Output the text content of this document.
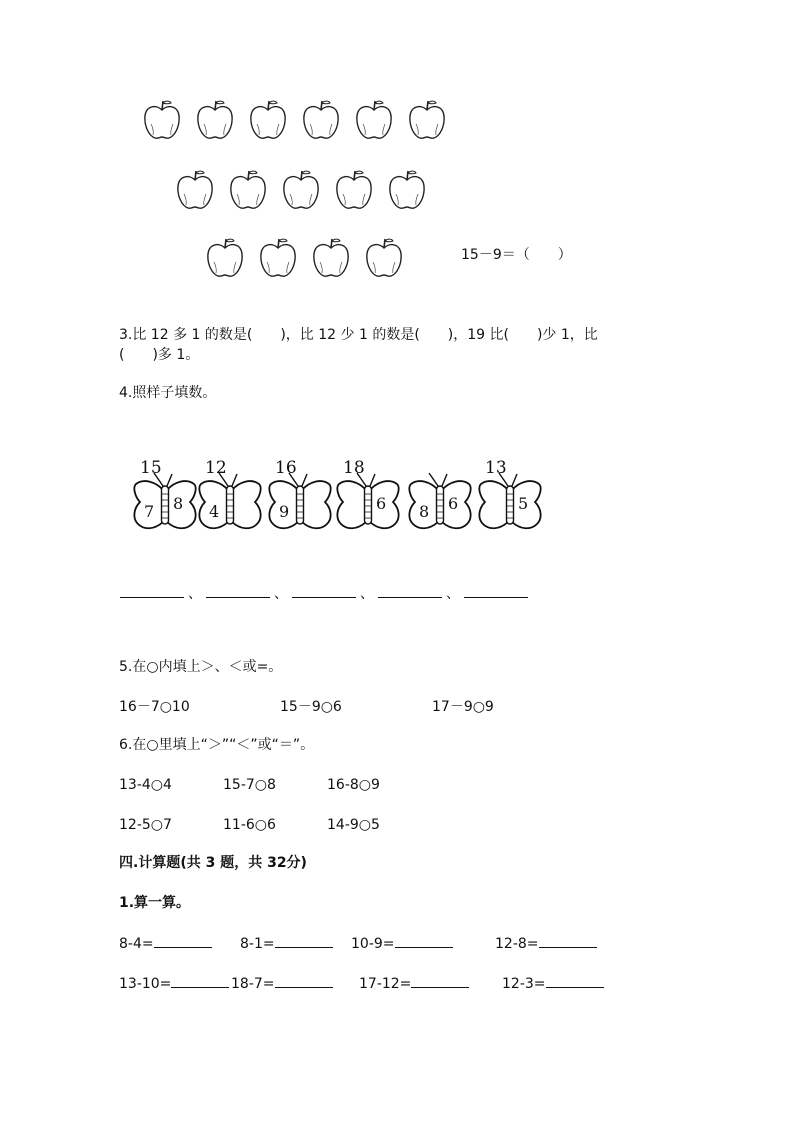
15－9＝（　　）
3.比 12 多 1 的数是(　　)，比 12 少 1 的数是(　　)，19 比(　　)少 1，比
(　　)多 1。
4.照样子填数。
15
7 8
12
4
16
9
18
6 8 6
13
5
、	、	、	、
5.在○内填上＞、＜或=。
16－7○10	15－9○6	17－9○9
6.在○里填上“＞”“＜”或“＝”。
13-4○4	15-7○8	16-8○9
12-5○7	11-6○6	14-9○5
四.计算题(共 3 题，共 32分)
1.算一算。
8-4=	8-1=	10-9=	12-8=
13-10=	18-7=	17-12=	12-3=
